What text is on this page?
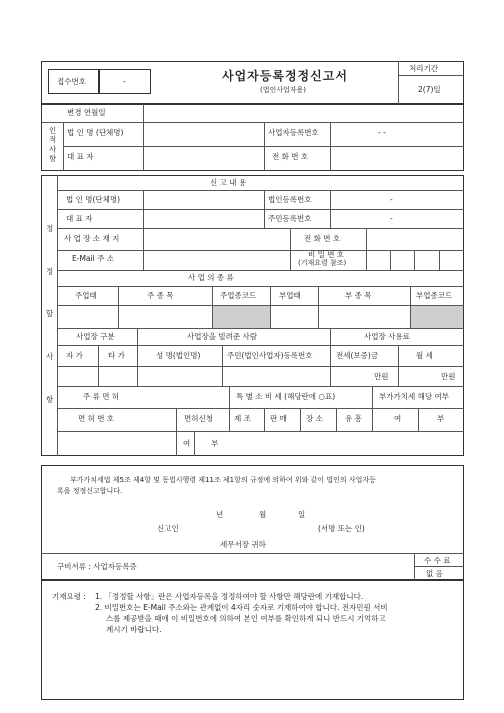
접수번호	-	사업자등록정정신고서
(법인사업자용)
처리기간
2(7)일
변경 연월일
인
적
사
항
법 인 명 (단체명)	사업자등록번호	- -
대 표 자	전 화 번 호
정
정
할
사
항
신 고 내 용
법 인 명(단체명)	법인등록번호	-
대 표 자	주민등록번호	-
사 업 장 소 재 지	전 화 번 호
E-Mail 주 소	비 밀 번 호
(기재요령 참조)
사 업 의 종 류
주업태	주 종 목	주업종코드	부업태	부 종 목	부업종코드
사업장 구분	사업장을 빌려준 사람	사업장 사용료
자 가	타 가	성 명(법인명)	주민(법인사업자)등록번호	전세(보증)금	월 세
만원	만원
주 류 면 허	특 별 소 비 세 (해당란에 ○표)	부가가치세 해당 여부
면 허 번 호	면허신청	제 조	판 매	장 소	유 흥	여	부
여	부
부가가치세법 제5조 제4항 및 동법시행령 제11조 제1항의 규정에 의하여 위와 같이 법인의 사업자등
록을 정정신고합니다.
년	월	일
신고인	(서명 또는 인)
세무서장 귀하
구비서류 : 사업자등록증
수 수 료
없 음
기재요령 : 1. 「정정할 사항」란은 사업자등록을 정정하여야 할 사항만 해당란에 기재합니다.
2. 비밀번호는 E-Mail 주소와는 관계없이 4자리 숫자로 기재하여야 합니다. 전자민원 서비
스를 제공받을 때에 이 비밀번호에 의하여 본인 여부를 확인하게 되니 반드시 기억하고
계시기 바랍니다.
